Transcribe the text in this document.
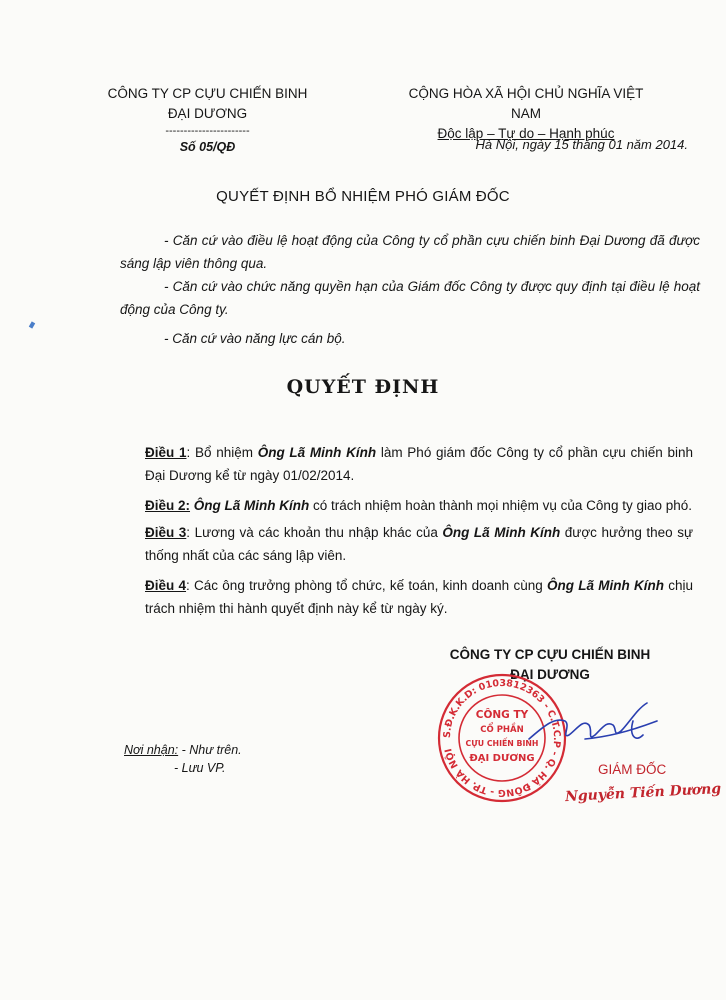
CÔNG TY CP CỰU CHIẾN BINH
ĐẠI DƯƠNG
-----------------------
Số 05/QĐ
CỘNG HÒA XÃ HỘI CHỦ NGHĨA VIỆT NAM
Độc lập – Tự do – Hạnh phúc
Hà Nội, ngày 15 tháng 01 năm 2014.
QUYẾT ĐỊNH BỔ NHIỆM PHÓ GIÁM ĐỐC
- Căn cứ vào điều lệ hoạt động của Công ty cổ phần cựu chiến binh Đại Dương đã được sáng lập viên thông qua.
- Căn cứ vào chức năng quyền hạn của Giám đốc Công ty được quy định tại điều lệ hoạt động của Công ty.
- Căn cứ vào năng lực cán bộ.
QUYẾT ĐỊNH
Điều 1: Bổ nhiệm Ông Lã Minh Kính làm Phó giám đốc Công ty cổ phần cựu chiến binh Đại Dương kể từ ngày 01/02/2014.
Điều 2: Ông Lã Minh Kính có trách nhiệm hoàn thành mọi nhiệm vụ của Công ty giao phó.
Điều 3: Lương và các khoản thu nhập khác của Ông Lã Minh Kính được hưởng theo sự thống nhất của các sáng lập viên.
Điều 4: Các ông trưởng phòng tổ chức, kế toán, kinh doanh cùng Ông Lã Minh Kính chịu trách nhiệm thi hành quyết định này kể từ ngày ký.
CÔNG TY CP CỰU CHIẾN BINH
ĐẠI DƯƠNG
Nơi nhận: - Như trên.
- Lưu VP.
S.Đ.K.K.D: 0103812363 - C.T.C.P - Q. HÀ ĐÔNG - TP. HÀ NỘI
CÔNG TY
CỔ PHẦN
CỰU CHIẾN BINH
ĐẠI DƯƠNG
GIÁM ĐỐC
Nguyễn Tiến Dương
